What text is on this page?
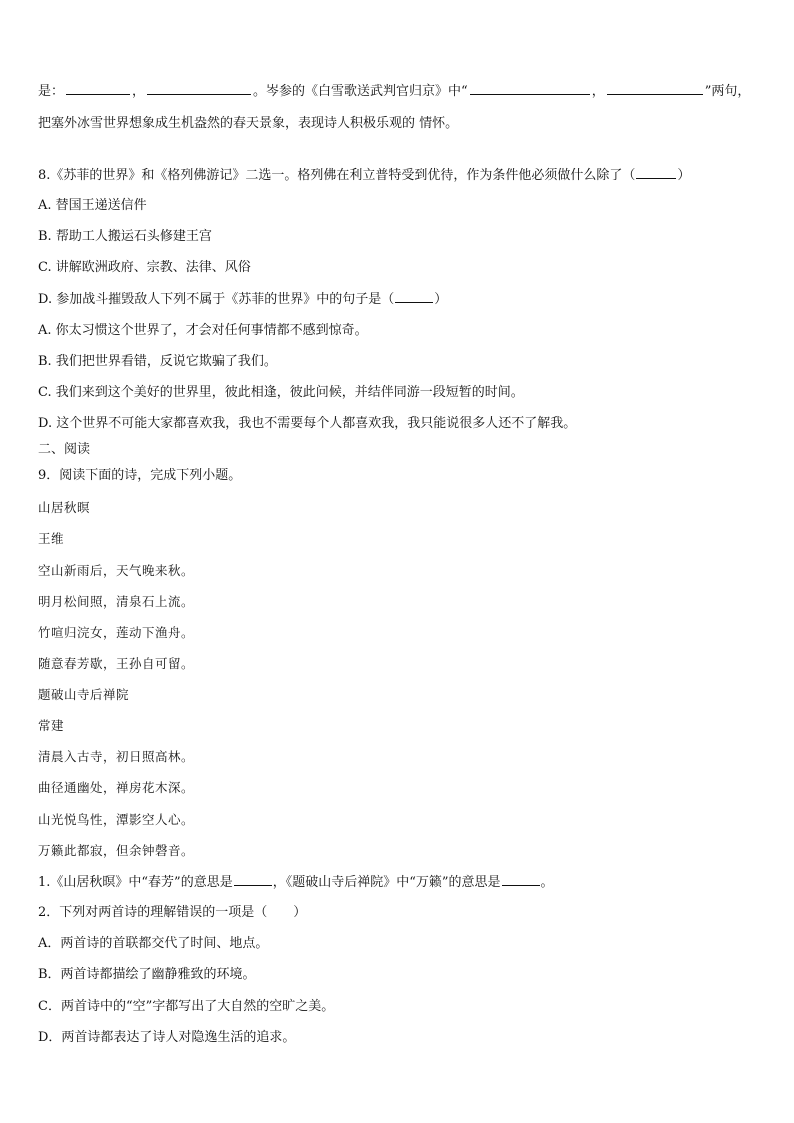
是：	，	。岑参的《白雪歌送武判官归京》中“	，	”两句，
把塞外冰雪世界想象成生机盎然的春天景象，表现诗人积极乐观的 情怀。
8.《苏菲的世界》和《格列佛游记》二选一。格列佛在利立普特受到优待，作为条件他必须做什么除了（	）
A. 替国王递送信件
B. 帮助工人搬运石头修建王宫
C. 讲解欧洲政府、宗教、法律、风俗
D. 参加战斗摧毁敌人下列不属于《苏菲的世界》中的句子是（	）
A. 你太习惯这个世界了，才会对任何事情都不感到惊奇。
B. 我们把世界看错，反说它欺骗了我们。
C. 我们来到这个美好的世界里，彼此相逢，彼此问候，并结伴同游一段短暂的时间。
D. 这个世界不可能大家都喜欢我，我也不需要每个人都喜欢我，我只能说很多人还不了解我。
二、阅读
9．阅读下面的诗，完成下列小题。
山居秋暝
王维
空山新雨后，天气晚来秋。
明月松间照，清泉石上流。
竹喧归浣女，莲动下渔舟。
随意春芳歇，王孙自可留。
题破山寺后禅院
常建
清晨入古寺，初日照高林。
曲径通幽处，禅房花木深。
山光悦鸟性，潭影空人心。
万籁此都寂，但余钟磬音。
1.《山居秋暝》中“春芳”的意思是	，《题破山寺后禅院》中“万籁”的意思是	。
2．下列对两首诗的理解错误的一项是（　　）
A．两首诗的首联都交代了时间、地点。
B．两首诗都描绘了幽静雅致的环境。
C．两首诗中的“空”字都写出了大自然的空旷之美。
D．两首诗都表达了诗人对隐逸生活的追求。
